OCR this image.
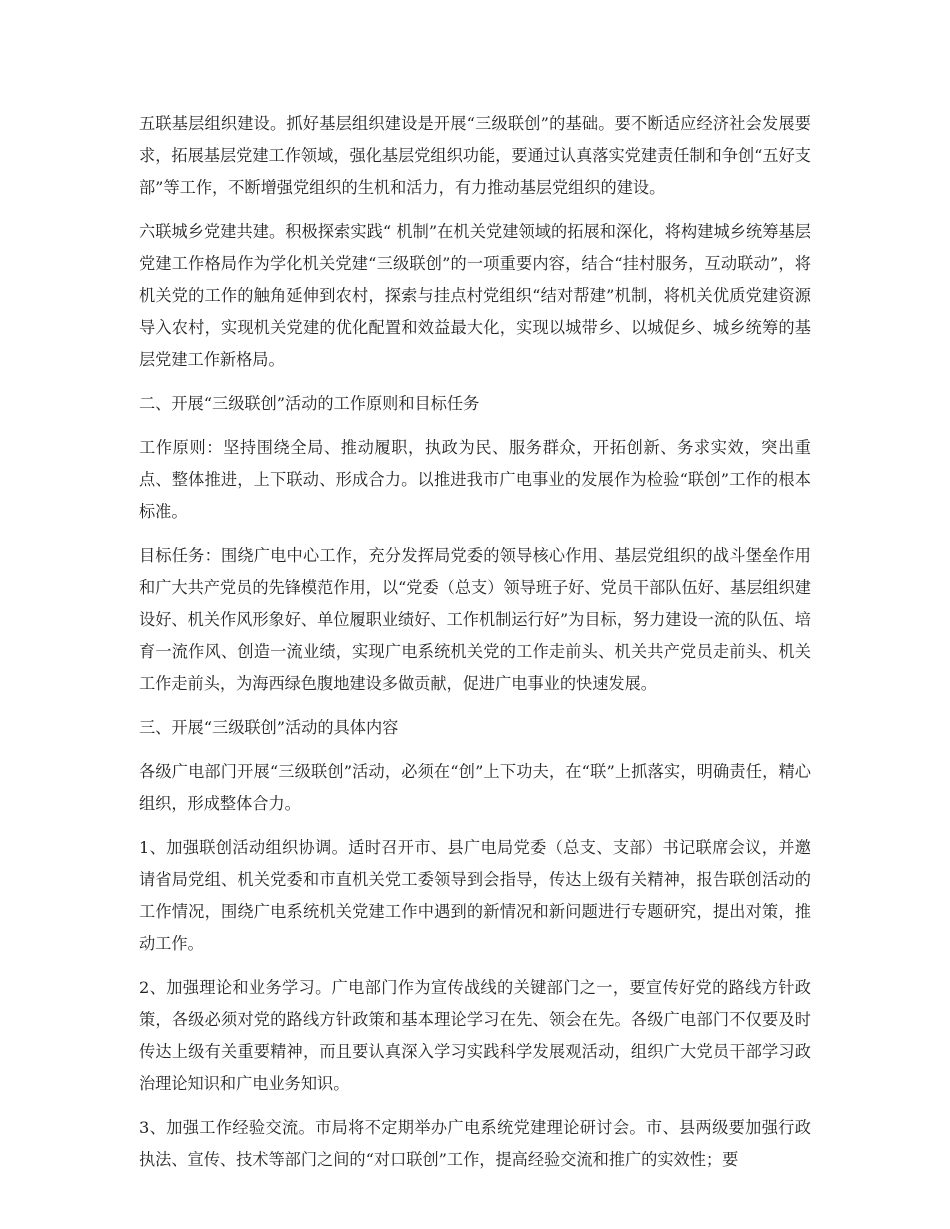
五联基层组织建设。抓好基层组织建设是开展“三级联创”的基础。要不断适应经济社会发展要求，拓展基层党建工作领域，强化基层党组织功能，要通过认真落实党建责任制和争创“五好支部”等工作，不断增强党组织的生机和活力，有力推动基层党组织的建设。

六联城乡党建共建。积极探索实践“ 机制”在机关党建领域的拓展和深化，将构建城乡统筹基层党建工作格局作为学化机关党建“三级联创”的一项重要内容，结合“挂村服务，互动联动”，将机关党的工作的触角延伸到农村，探索与挂点村党组织“结对帮建”机制，将机关优质党建资源导入农村，实现机关党建的优化配置和效益最大化，实现以城带乡、以城促乡、城乡统筹的基层党建工作新格局。

二、开展“三级联创”活动的工作原则和目标任务

工作原则：坚持围绕全局、推动履职，执政为民、服务群众，开拓创新、务求实效，突出重点、整体推进，上下联动、形成合力。以推进我市广电事业的发展作为检验“联创”工作的根本标准。

目标任务：围绕广电中心工作，充分发挥局党委的领导核心作用、基层党组织的战斗堡垒作用和广大共产党员的先锋模范作用，以“党委（总支）领导班子好、党员干部队伍好、基层组织建设好、机关作风形象好、单位履职业绩好、工作机制运行好”为目标，努力建设一流的队伍、培育一流作风、创造一流业绩，实现广电系统机关党的工作走前头、机关共产党员走前头、机关工作走前头，为海西绿色腹地建设多做贡献，促进广电事业的快速发展。

三、开展“三级联创”活动的具体内容

各级广电部门开展“三级联创”活动，必须在“创”上下功夫，在“联”上抓落实，明确责任，精心组织，形成整体合力。

1、加强联创活动组织协调。适时召开市、县广电局党委（总支、支部）书记联席会议，并邀请省局党组、机关党委和市直机关党工委领导到会指导，传达上级有关精神，报告联创活动的工作情况，围绕广电系统机关党建工作中遇到的新情况和新问题进行专题研究，提出对策，推动工作。

2、加强理论和业务学习。广电部门作为宣传战线的关键部门之一，要宣传好党的路线方针政策，各级必须对党的路线方针政策和基本理论学习在先、领会在先。各级广电部门不仅要及时传达上级有关重要精神，而且要认真深入学习实践科学发展观活动，组织广大党员干部学习政治理论知识和广电业务知识。

3、加强工作经验交流。市局将不定期举办广电系统党建理论研讨会。市、县两级要加强行政执法、宣传、技术等部门之间的“对口联创”工作，提高经验交流和推广的实效性；要
